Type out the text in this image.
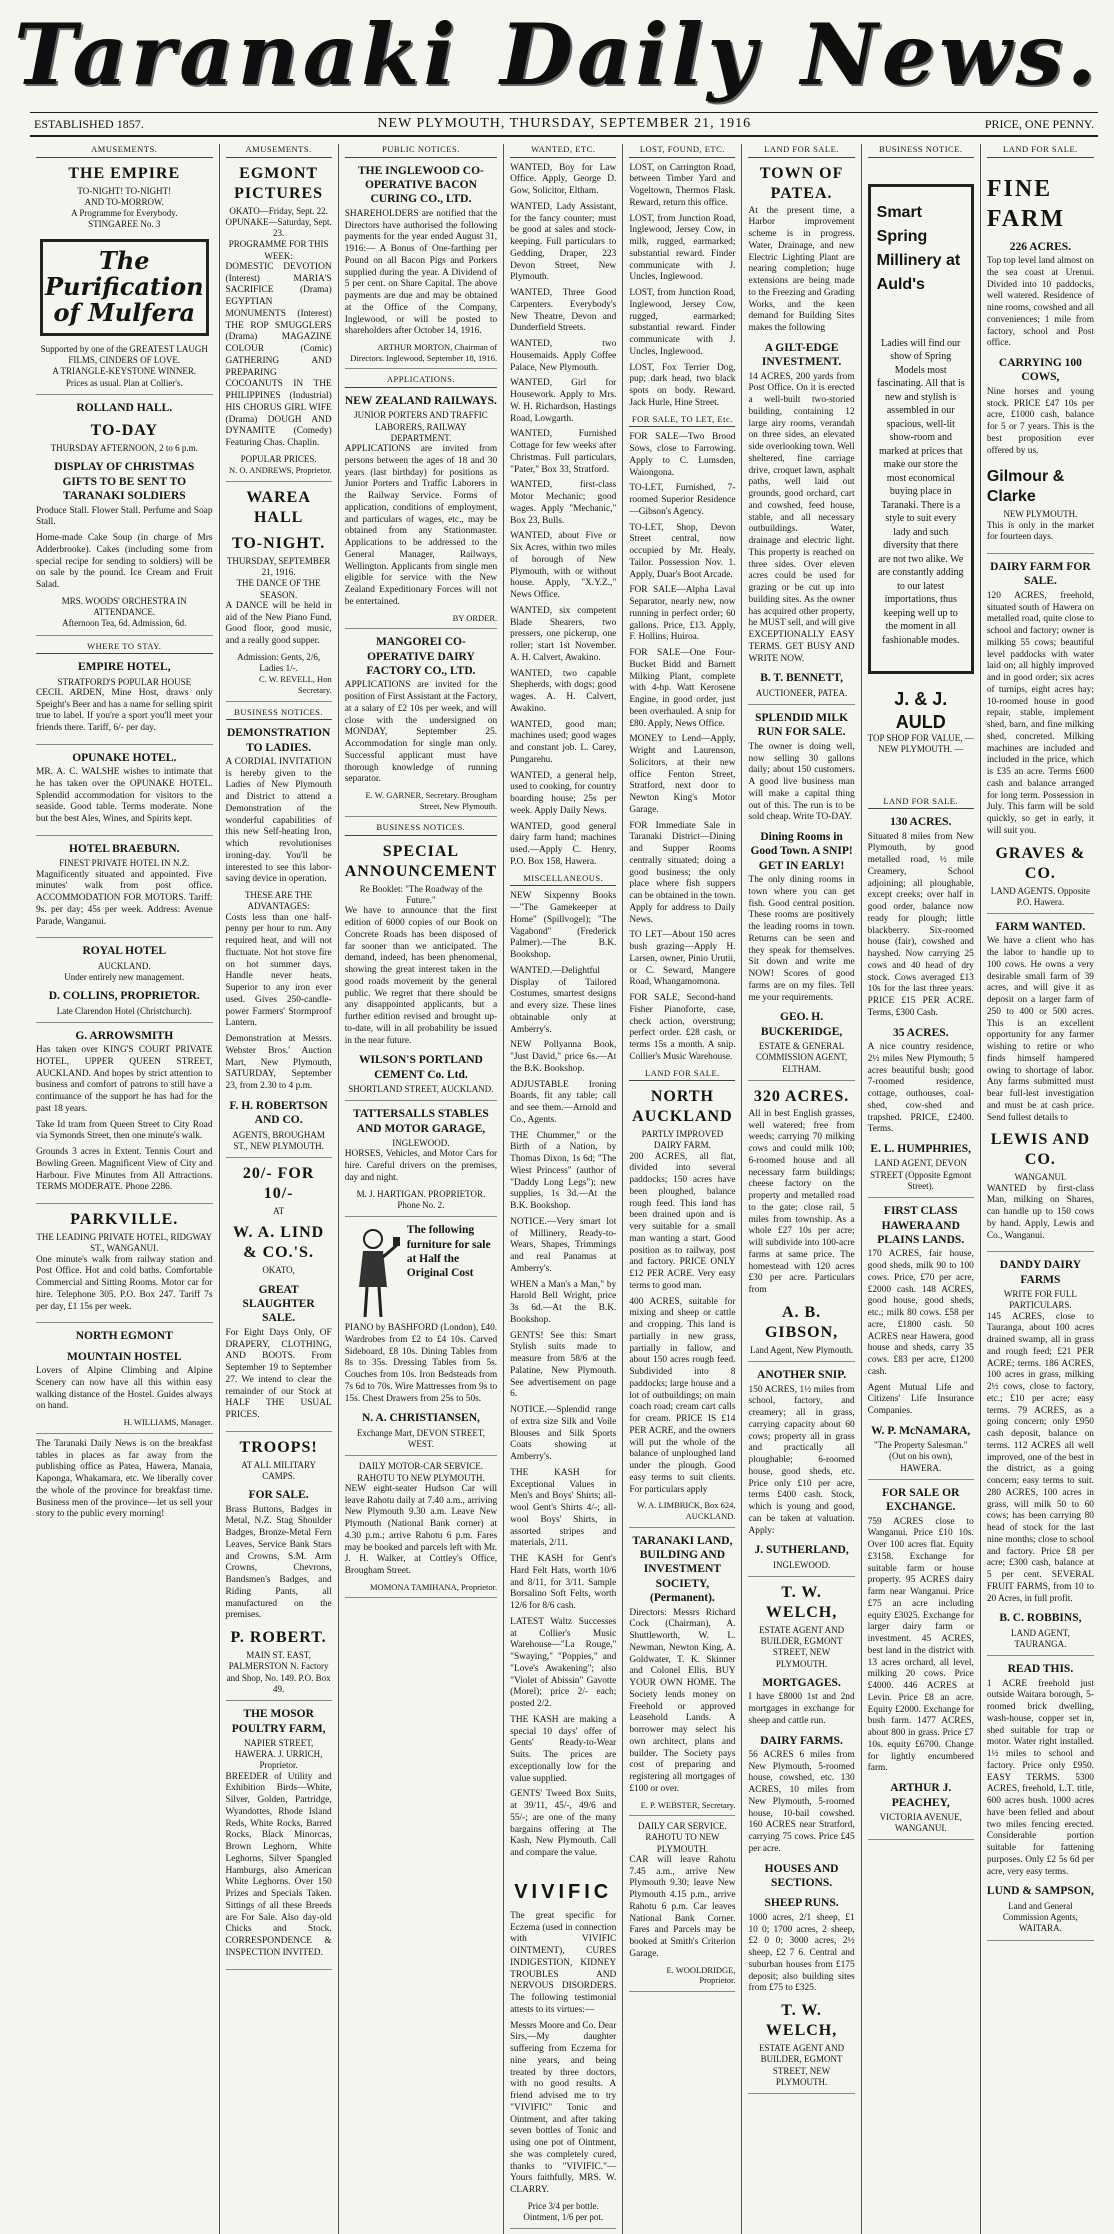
Taranaki Daily News.
ESTABLISHED 1857.	NEW PLYMOUTH, THURSDAY, SEPTEMBER 21, 1916	PRICE, ONE PENNY.
AMUSEMENTS.
THE EMPIRE
TO-NIGHT! TO-NIGHT!
AND TO-MORROW.
A Programme for Everybody.
STINGAREE No. 3
The Purification of Mulfera
Supported by one of the GREATEST LAUGH FILMS, CINDERS OF LOVE.
A TRIANGLE-KEYSTONE WINNER.
Prices as usual. Plan at Collier's.
ROLLAND HALL.
TO-DAY
THURSDAY AFTERNOON, 2 to 6 p.m.
DISPLAY OF CHRISTMAS GIFTS TO BE SENT TO TARANAKI SOLDIERS

Produce Stall. Flower Stall. Perfume and Soap Stall.

Home-made Cake Soup (in charge of Mrs Adderbrooke). Cakes (including some from special recipe for sending to soldiers) will be on sale by the pound. Ice Cream and Fruit Salad.

MRS. WOODS' ORCHESTRA IN ATTENDANCE.
Afternoon Tea, 6d. Admission, 6d.
WHERE TO STAY.
EMPIRE HOTEL,
STRATFORD'S POPULAR HOUSE

CECIL ARDEN, Mine Host, draws only Speight's Beer and has a name for selling spirit true to label. If you're a sport you'll meet your friends there. Tariff, 6/- per day.

OPUNAKE HOTEL.

MR. A. C. WALSHE wishes to intimate that he has taken over the OPUNAKE HOTEL. Splendid accommodation for visitors to the seaside. Good table. Terms moderate. None but the best Ales, Wines, and Spirits kept.

HOTEL BRAEBURN.
FINEST PRIVATE HOTEL IN N.Z.

Magnificently situated and appointed. Five minutes' walk from post office. ACCOMMODATION FOR MOTORS. Tariff: 9s. per day; 45s per week. Address: Avenue Parade, Wanganui.

ROYAL HOTEL
AUCKLAND.
Under entirely new management.
D. COLLINS, PROPRIETOR.
Late Clarendon Hotel (Christchurch).
G. ARROWSMITH

Has taken over KING'S COURT PRIVATE HOTEL, UPPER QUEEN STREET, AUCKLAND. And hopes by strict attention to business and comfort of patrons to still have a continuance of the support he has had for the past 18 years.

Take Id tram from Queen Street to City Road via Symonds Street, then one minute's walk.

Grounds 3 acres in Extent. Tennis Court and Bowling Green. Magnificent View of City and Harbour. Five Minutes from All Attractions. TERMS MODERATE. Phone 2286.

PARKVILLE.
THE LEADING PRIVATE HOTEL, RIDGWAY ST., WANGANUI.

One minute's walk from railway station and Post Office. Hot and cold baths. Comfortable Commercial and Sitting Rooms. Motor car for hire. Telephone 305. P.O. Box 247. Tariff 7s per day, £1 15s per week.

NORTH EGMONT
MOUNTAIN HOSTEL

Lovers of Alpine Climbing and Alpine Scenery can now have all this within easy walking distance of the Hostel. Guides always on hand.

H. WILLIAMS, Manager.

The Taranaki Daily News is on the breakfast tables in places as far away from the publishing office as Patea, Hawera, Manaia, Kaponga, Whakamara, etc. We liberally cover the whole of the province for breakfast time. Business men of the province—let us sell your story to the public every morning!

AMUSEMENTS.
EGMONT PICTURES
OKATO—Friday, Sept. 22. OPUNAKE—Saturday, Sept. 23.
PROGRAMME FOR THIS WEEK:

DOMESTIC DEVOTION (Interest) MARIA'S SACRIFICE (Drama) EGYPTIAN MONUMENTS (Interest) THE ROP SMUGGLERS (Drama) MAGAZINE COLOUR (Comic) GATHERING AND PREPARING COCOANUTS IN THE PHILIPPINES (Industrial) HIS CHORUS GIRL WIFE (Drama) DOUGH AND DYNAMITE (Comedy) Featuring Chas. Chaplin.

POPULAR PRICES.
N. O. ANDREWS, Proprietor.
WAREA HALL
TO-NIGHT.
THURSDAY, SEPTEMBER 21, 1916.
THE DANCE OF THE SEASON.

A DANCE will be held in aid of the New Piano Fund. Good floor, good music, and a really good supper.

Admission: Gents, 2/6, Ladies 1/-.
C. W. REVELL, Hon Secretary.
BUSINESS NOTICES.
DEMONSTRATION TO LADIES.

A CORDIAL INVITATION is hereby given to the Ladies of New Plymouth and District to attend a Demonstration of the wonderful capabilities of this new Self-heating Iron, which revolutionises ironing-day. You'll be interested to see this labor-saving device in operation.

THESE ARE THE ADVANTAGES:

Costs less than one half-penny per hour to run. Any required heat, and will not fluctuate. Not hot stove fire on hot summer days. Handle never heats. Superior to any iron ever used. Gives 250-candle-power Farmers' Stormproof Lantern.

Demonstration at Messrs. Webster Bros.' Auction Mart, New Plymouth, SATURDAY, September 23, from 2.30 to 4 p.m.

F. H. ROBERTSON AND CO.
AGENTS, BROUGHAM ST., NEW PLYMOUTH.
20/- FOR 10/-
AT
W. A. LIND & CO.'S.
OKATO,
GREAT SLAUGHTER SALE.

For Eight Days Only, OF DRAPERY, CLOTHING, AND BOOTS. From September 19 to September 27. We intend to clear the remainder of our Stock at HALF THE USUAL PRICES.

TROOPS!
AT ALL MILITARY CAMPS.
FOR SALE.

Brass Buttons, Badges in Metal, N.Z. Stag Shoulder Badges, Bronze-Metal Fern Leaves, Service Bank Stars and Crowns, S.M. Arm Crowns, Chevrons, Bandsmen's Badges, and Riding Pants, all manufactured on the premises.

P. ROBERT.
MAIN ST. EAST, PALMERSTON N. Factory and Shop, No. 149. P.O. Box 49.
THE MOSOR POULTRY FARM,
NAPIER STREET, HAWERA. J. URRICH, Proprietor.

BREEDER of Utility and Exhibition Birds—White, Silver, Golden, Partridge, Wyandottes, Rhode Island Reds, White Rocks, Barred Rocks, Black Minorcas, Brown Leghorn, White Leghorns, Silver Spangled Hamburgs, also American White Leghorns. Over 150 Prizes and Specials Taken. Sittings of all these Breeds are For Sale. Also day-old Chicks and Stock. CORRESPONDENCE & INSPECTION INVITED.

PUBLIC NOTICES.
THE INGLEWOOD CO-OPERATIVE BACON CURING CO., LTD.

SHAREHOLDERS are notified that the Directors have authorised the following payments for the year ended August 31, 1916:— A Bonus of One-farthing per Pound on all Bacon Pigs and Porkers supplied during the year. A Dividend of 5 per cent. on Share Capital. The above payments are due and may be obtained at the Office of the Company, Inglewood, or will be posted to shareholders after October 14, 1916.

ARTHUR MORTON, Chairman of Directors. Inglewood, September 18, 1916.
APPLICATIONS.
NEW ZEALAND RAILWAYS.
JUNIOR PORTERS AND TRAFFIC LABORERS, RAILWAY DEPARTMENT.

APPLICATIONS are invited from persons between the ages of 18 and 30 years (last birthday) for positions as Junior Porters and Traffic Laborers in the Railway Service. Forms of application, conditions of employment, and particulars of wages, etc., may be obtained from any Stationmaster. Applications to be addressed to the General Manager, Railways, Wellington. Applicants from single men eligible for service with the New Zealand Expeditionary Forces will not be entertained.

BY ORDER.
MANGOREI CO-OPERATIVE DAIRY FACTORY CO., LTD.

APPLICATIONS are invited for the position of First Assistant at the Factory, at a salary of £2 10s per week, and will close with the undersigned on MONDAY, September 25. Accommodation for single man only. Successful applicant must have thorough knowledge of running separator.

E. W. GARNER, Secretary. Brougham Street, New Plymouth.
BUSINESS NOTICES.
SPECIAL ANNOUNCEMENT
Re Booklet: "The Roadway of the Future."

We have to announce that the first edition of 6000 copies of our Book on Concrete Roads has been disposed of far sooner than we anticipated. The demand, indeed, has been phenomenal, showing the great interest taken in the good roads movement by the general public. We regret that there should be any disappointed applicants, but a further edition revised and brought up-to-date, will in all probability be issued in the near future.

WILSON'S PORTLAND CEMENT Co. Ltd.
SHORTLAND STREET, AUCKLAND.
TATTERSALLS STABLES AND MOTOR GARAGE,
INGLEWOOD.

HORSES, Vehicles, and Motor Cars for hire. Careful drivers on the premises, day and night.

M. J. HARTIGAN. PROPRIETOR. Phone No. 2.
The following furniture for sale at Half the Original Cost

PIANO by BASHFORD (London), £40. Wardrobes from £2 to £4 10s. Carved Sideboard, £8 10s. Dining Tables from 8s to 35s. Dressing Tables from 5s. Couches from 10s. Iron Bedsteads from 7s 6d to 70s. Wire Mattresses from 9s to 15s. Chest Drawers from 25s to 50s.

N. A. CHRISTIANSEN,
Exchange Mart, DEVON STREET, WEST.
DAILY MOTOR-CAR SERVICE.
RAHOTU TO NEW PLYMOUTH.

NEW eight-seater Hudson Car will leave Rahotu daily at 7.40 a.m., arriving New Plymouth 9.30 a.m. Leave New Plymouth (National Bank corner) at 4.30 p.m.; arrive Rahotu 6 p.m. Fares may be booked and parcels left with Mr. J. H. Walker, at Cottley's Office, Brougham Street.

MOMONA TAMIHANA, Proprietor.
WANTED, ETC.

WANTED, Boy for Law Office. Apply, George D. Gow, Solicitor, Eltham.

WANTED, Lady Assistant, for the fancy counter; must be good at sales and stock-keeping. Full particulars to Gedding, Draper, 223 Devon Street, New Plymouth.

WANTED, Three Good Carpenters. Everybody's New Theatre, Devon and Dunderfield Streets.

WANTED, two Housemaids. Apply Coffee Palace, New Plymouth.

WANTED, Girl for Housework. Apply to Mrs. W. H. Richardson, Hastings Road, Lowgarth.

WANTED, Furnished Cottage for few weeks after Christmas. Full particulars, "Pater," Box 33, Stratford.

WANTED, first-class Motor Mechanic; good wages. Apply "Mechanic," Box 23, Bulls.

WANTED, about Five or Six Acres, within two miles of borough of New Plymouth, with or without house. Apply, "X.Y.Z.," News Office.

WANTED, six competent Blade Shearers, two pressers, one pickerup, one roller; start 1st November. A. H. Calvert, Awakino.

WANTED, two capable Shepherds, with dogs; good wages. A. H. Calvert, Awakino.

WANTED, good man; machines used; good wages and constant job. L. Carey, Pungarehu.

WANTED, a general help, used to cooking, for country boarding house; 25s per week. Apply Daily News.

WANTED, good general dairy farm hand; machines used.—Apply C. Henry, P.O. Box 158, Hawera.

MISCELLANEOUS.

NEW Sixpenny Books—"The Gamekeeper at Home" (Spillvogel); "The Vagabond" (Frederick Palmer).—The B.K. Bookshop.

WANTED.—Delightful Display of Tailored Costumes, smartest designs and every size. These lines obtainable only at Amberry's.

NEW Pollyanna Book, "Just David," price 6s.—At the B.K. Bookshop.

ADJUSTABLE Ironing Boards, fit any table; call and see them.—Arnold and Co., Agents.

THE Chummer," or the Birth of a Nation, by Thomas Dixon, 1s 6d; "The Wiest Princess" (author of "Daddy Long Legs"); new supplies, 1s 3d.—At the B.K. Bookshop.

NOTICE.—Very smart lot of Millinery, Ready-to-Wears, Shapes, Trimmings and real Panamas at Amberry's.

WHEN a Man's a Man," by Harold Bell Wright, price 3s 6d.—At the B.K. Bookshop.

GENTS! See this: Smart Stylish suits made to measure from 58/6 at the Palatine, New Plymouth. See advertisement on page 6.

NOTICE.—Splendid range of extra size Silk and Voile Blouses and Silk Sports Coats showing at Amberry's.

THE KASH for Exceptional Values in Men's and Boys' Shirts; all-wool Gent's Shirts 4/-; all-wool Boys' Shirts, in assorted stripes and materials, 2/11.

THE KASH for Gent's Hard Felt Hats, worth 10/6 and 8/11, for 3/11. Sample Borsalino Soft Felts, worth 12/6 for 8/6 cash.

LATEST Waltz Successes at Collier's Music Warehouse—"La Rouge," "Swaying," "Poppies," and "Love's Awakening"; also "Violet of Abissin" Gavotte (Morel); price 2/- each; posted 2/2.

THE KASH are making a special 10 days' offer of Gents' Ready-to-Wear Suits. The prices are exceptionally low for the value supplied.

GENTS' Tweed Box Suits, at 39/11, 45/-, 49/6 and 55/-; are one of the many bargains offering at The Kash, New Plymouth. Call and compare the value.

VIVIFIC

The great specific for Eczema (used in connection with VIVIFIC OINTMENT), CURES INDIGESTION, KIDNEY TROUBLES AND NERVOUS DISORDERS. The following testimonial attests to its virtues:—

Messrs Moore and Co. Dear Sirs,—My daughter suffering from Eczema for nine years, and being treated by three doctors, with no good results. A friend advised me to try "VIVIFIC" Tonic and Ointment, and after taking seven bottles of Tonic and using one pot of Ointment, she was completely cured, thanks to "VIVIFIC."—Yours faithfully, MRS. W. CLARRY.

Price 3/4 per bottle. Ointment, 1/6 per pot.
LOST, FOUND, ETC.

LOST, on Carrington Road, between Timber Yard and Vogeltown, Thermos Flask. Reward, return this office.

LOST, from Junction Road, Inglewood, Jersey Cow, in milk, rugged, earmarked; substantial reward. Finder communicate with J. Uncles, Inglewood.

LOST, from Junction Road, Inglewood, Jersey Cow, rugged, earmarked; substantial reward. Finder communicate with J. Uncles, Inglewood.

LOST, Fox Terrier Dog, pup; dark head, two black spots on body. Reward. Jack Hurle, Hine Street.

FOR SALE, TO LET, Etc.

FOR SALE—Two Brood Sows, close to Farrowing. Apply to C. Lumsden, Waiongona.

TO-LET, Furnished, 7-roomed Superior Residence—Gibson's Agency.

TO-LET, Shop, Devon Street central, now occupied by Mr. Healy, Tailor. Possession Nov. 1. Apply, Duar's Boot Arcade.

FOR SALE—Alpha Laval Separator, nearly new, now running in perfect order; 60 gallons. Price, £13. Apply, F. Hollins, Huiroa.

FOR SALE—One Four-Bucket Bidd and Barnett Milking Plant, complete with 4-hp. Watt Kerosene Engine, in good order, just been overhauled. A snip for £80. Apply, News Office.

MONEY to Lend—Apply, Wright and Laurenson, Solicitors, at their new office Fenton Street, Stratford, next door to Newton King's Motor Garage.

FOR Immediate Sale in Taranaki District—Dining and Supper Rooms centrally situated; doing a good business; the only place where fish suppers can be obtained in the town. Apply for address to Daily News.

TO LET—About 150 acres bush grazing—Apply H. Larsen, owner, Pinio Urutii, or C. Seward, Mangere Road, Whangamomona.

FOR SALE, Second-hand Fisher Pianoforte, case, check action, overstrung; perfect order. £28 cash, or terms 15s a month. A snip. Collier's Music Warehouse.

LAND FOR SALE.
NORTH AUCKLAND
PARTLY IMPROVED DAIRY FARM.

200 ACRES, all flat, divided into several paddocks; 150 acres have been ploughed, balance rough feed. This land has been drained upon and is very suitable for a small man wanting a start. Good position as to railway, post and factory. PRICE ONLY £12 PER ACRE. Very easy terms to good man.

400 ACRES, suitable for mixing and sheep or cattle and cropping. This land is partially in new grass, partially in fallow, and about 150 acres rough feed. Subdivided into 8 paddocks; large house and a lot of outbuildings; on main coach road; cream cart calls for cream. PRICE IS £14 PER ACRE, and the owners will put the whole of the balance of unploughed land under the plough. Good easy terms to suit clients. For particulars apply

W. A. LIMBRICK, Box 624, AUCKLAND.
TARANAKI LAND, BUILDING AND INVESTMENT SOCIETY, (Permanent).

Directors: Messrs Richard Cock (Chairman), A. Shuttleworth, W. L. Newman, Newton King, A. Goldwater, T. K. Skinner and Colonel Ellis. BUY YOUR OWN HOME. The Society lends money on Freehold or approved Leasehold Lands. A borrower may select his own architect, plans and builder. The Society pays cost of preparing and registering all mortgages of £100 or over.

E. P. WEBSTER, Secretary.
DAILY CAR SERVICE.
RAHOTU TO NEW PLYMOUTH.

CAR will leave Rahotu 7.45 a.m., arrive New Plymouth 9.30; leave New Plymouth 4.15 p.m., arrive Rahotu 6 p.m. Car leaves National Bank Corner. Fares and Parcels may be booked at Smith's Criterion Garage.

E. WOOLDRIDGE, Proprietor.
LAND FOR SALE.
TOWN OF PATEA.

At the present time, a Harbor improvement scheme is in progress. Water, Drainage, and new Electric Lighting Plant are nearing completion; huge extensions are being made to the Freezing and Grading Works, and the keen demand for Building Sites makes the following

A GILT-EDGE INVESTMENT.

14 ACRES, 200 yards from Post Office. On it is erected a well-built two-storied building, containing 12 large airy rooms, verandah on three sides, an elevated side overlooking town. Well sheltered, fine carriage drive, croquet lawn, asphalt paths, well laid out grounds, good orchard, cart and cowshed, feed house, stable, and all necessary outbuildings. Water, drainage and electric light. This property is reached on three sides. Over eleven acres could be used for grazing or be cut up into building sites. As the owner has acquired other property, he MUST sell, and will give EXCEPTIONALLY EASY TERMS. GET BUSY AND WRITE NOW.

B. T. BENNETT,
AUCTIONEER, PATEA.
SPLENDID MILK RUN FOR SALE.

The owner is doing well, now selling 30 gallons daily; about 150 customers. A good live business man will make a capital thing out of this. The run is to be sold cheap. Write TO-DAY.

Dining Rooms in Good Town. A SNIP! GET IN EARLY!

The only dining rooms in town where you can get fish. Good central position. These rooms are positively the leading rooms in town. Returns can be seen and they speak for themselves. Sit down and write me NOW! Scores of good farms are on my files. Tell me your requirements.

GEO. H. BUCKERIDGE,
ESTATE & GENERAL COMMISSION AGENT, ELTHAM.
320 ACRES.

All in best English grasses, well watered; free from weeds; carrying 70 milking cows and could milk 100; 6-roomed house and all necessary farm buildings; cheese factory on the property and metalled road to the gate; close rail, 5 miles from township. As a whole £27 10s per acre; will subdivide into 100-acre farms at same price. The homestead with 120 acres £30 per acre. Particulars from

A. B. GIBSON,
Land Agent, New Plymouth.
ANOTHER SNIP.

150 ACRES, 1½ miles from school, factory, and creamery; all in grass, carrying capacity about 60 cows; property all in grass and practically all ploughable; 6-roomed house, good sheds, etc. Price only £10 per acre, terms £400 cash. Stock, which is young and good, can be taken at valuation. Apply:

J. SUTHERLAND,
INGLEWOOD.
T. W. WELCH,
ESTATE AGENT AND BUILDER, EGMONT STREET, NEW PLYMOUTH.
MORTGAGES.

I have £8000 1st and 2nd mortgages in exchange for sheep and cattle run.

DAIRY FARMS.

56 ACRES 6 miles from New Plymouth, 5-roomed house, cowshed, etc. 130 ACRES, 10 miles from New Plymouth, 5-roomed house, 10-bail cowshed. 160 ACRES near Stratford, carrying 75 cows. Price £45 per acre.

HOUSES AND SECTIONS.
SHEEP RUNS.

1000 acres, 2/1 sheep, £1 10 0; 1700 acres, 2 sheep, £2 0 0; 3000 acres, 2½ sheep, £2 7 6. Central and suburban houses from £175 deposit; also building sites from £75 to £325.

T. W. WELCH,
ESTATE AGENT AND BUILDER, EGMONT STREET, NEW PLYMOUTH.
BUSINESS NOTICE.
Smart Spring Millinery at Auld's
Ladies will find our show of Spring Models most fascinating. All that is new and stylish is assembled in our spacious, well-lit show-room and marked at prices that make our store the most economical buying place in Taranaki. There is a style to suit every lady and such diversity that there are not two alike. We are constantly adding to our latest importations, thus keeping well up to the moment in all fashionable modes.
J. & J. AULD
TOP SHOP FOR VALUE, — NEW PLYMOUTH. —
LAND FOR SALE.
130 ACRES.

Situated 8 miles from New Plymouth, by good metalled road, ½ mile Creamery, School adjoining; all ploughable, except creeks; over half in good order, balance now ready for plough; little blackberry. Six-roomed house (fair), cowshed and hayshed. Now carrying 25 cows and 40 head of dry stock. Cows averaged £13 10s for the last three years. PRICE £15 PER ACRE. Terms, £300 Cash.

35 ACRES.

A nice country residence, 2½ miles New Plymouth; 5 acres beautiful bush; good 7-roomed residence, cottage, outhouses, coal-shed, cow-shed and trapshed. PRICE, £2400. Terms.

E. L. HUMPHRIES,
LAND AGENT, DEVON STREET (Opposite Egmont Street).
FIRST CLASS HAWERA AND PLAINS LANDS.

170 ACRES, fair house, good sheds, milk 90 to 100 cows. Price, £70 per acre, £2000 cash. 148 ACRES, good house, good sheds, etc.; milk 80 cows. £58 per acre, £1800 cash. 50 ACRES near Hawera, good house and sheds, carry 35 cows. £83 per acre, £1200 cash.

Agent Mutual Life and Citizens' Life Insurance Companies.

W. P. McNAMARA,
"The Property Salesman." (Out on his own), HAWERA.
FOR SALE OR EXCHANGE.

759 ACRES close to Wanganui. Price £10 10s. Over 100 acres flat. Equity £3158. Exchange for suitable farm or house property. 95 ACRES dairy farm near Wanganui. Price £75 an acre including equity £3025. Exchange for larger dairy farm or investment. 45 ACRES, best land in the district with 13 acres orchard, all level, milking 20 cows. Price £4000. 446 ACRES at Levin. Price £8 an acre. Equity £2000. Exchange for bush farm. 1477 ACRES, about 800 in grass. Price £7 10s. equity £6700. Change for lightly encumbered farm.

ARTHUR J. PEACHEY,
VICTORIA AVENUE, WANGANUI.
LAND FOR SALE.
FINE FARM
226 ACRES.

Top top level land almost on the sea coast at Urenui. Divided into 10 paddocks, well watered. Residence of nine rooms, cowshed and all conveniences; 1 mile from factory, school and Post office.

CARRYING 100 COWS,

Nine horses and young stock. PRICE £47 10s per acre, £1000 cash, balance for 5 or 7 years. This is the best proposition ever offered by us.

Gilmour & Clarke
NEW PLYMOUTH.

This is only in the market for fourteen days.

DAIRY FARM FOR SALE.

120 ACRES, freehold, situated south of Hawera on metalled road, quite close to school and factory; owner is milking 55 cows; beautiful level paddocks with water laid on; all highly improved and in good order; six acres of turnips, eight acres hay; 10-roomed house in good repair, stable, implement shed, barn, and fine milking shed, concreted. Milking machines are included and included in the price, which is £35 an acre. Terms £600 cash and balance arranged for long term. Possession in July. This farm will be sold quickly, so get in early, it will suit you.

GRAVES & CO.
LAND AGENTS. Opposite P.O. Hawera.
FARM WANTED.

We have a client who has the labor to handle up to 100 cows. He owns a very desirable small farm of 39 acres, and will give it as deposit on a larger farm of 250 to 400 or 500 acres. This is an excellent opportunity for any farmer wishing to retire or who finds himself hampered owing to shortage of labor. Any farms submitted must bear full-lest investigation and must be at cash price. Send fullest details to

LEWIS AND CO.
WANGANUI.

WANTED by first-class Man, milking on Shares, can handle up to 150 cows by hand. Apply, Lewis and Co., Wanganui.

DANDY DAIRY FARMS
WRITE FOR FULL PARTICULARS.

145 ACRES, close to Tauranga, about 100 acres drained swamp, all in grass and rough feed; £21 PER ACRE; terms. 186 ACRES, 100 acres in grass, milking 2½ cows, close to factory, etc.; £10 per acre; easy terms. 79 ACRES, as a going concern; only £950 cash deposit, balance on terms. 112 ACRES all well improved, one of the best in the district, as a going concern; easy terms to suit. 280 ACRES, 100 acres in grass, will milk 50 to 60 cows; has been carrying 80 head of stock for the last nine months; close to school and factory. Price £8 per acre; £300 cash, balance at 5 per cent. SEVERAL FRUIT FARMS, from 10 to 20 Acres, in full profit.

B. C. ROBBINS,
LAND AGENT, TAURANGA.
READ THIS.

1 ACRE freehold just outside Waitara borough, 5-roomed brick dwelling, wash-house, copper set in, shed suitable for trap or motor. Water right installed. 1½ miles to school and factory. Price only £950. EASY TERMS. 5300 ACRES, freehold, L.T. title, 600 acres bush. 1000 acres have been felled and about two miles fencing erected. Considerable portion suitable for fattening purposes. Only £2 5s 6d per acre, very easy terms.

LUND & SAMPSON,
Land and General Commission Agents, WAITARA.
